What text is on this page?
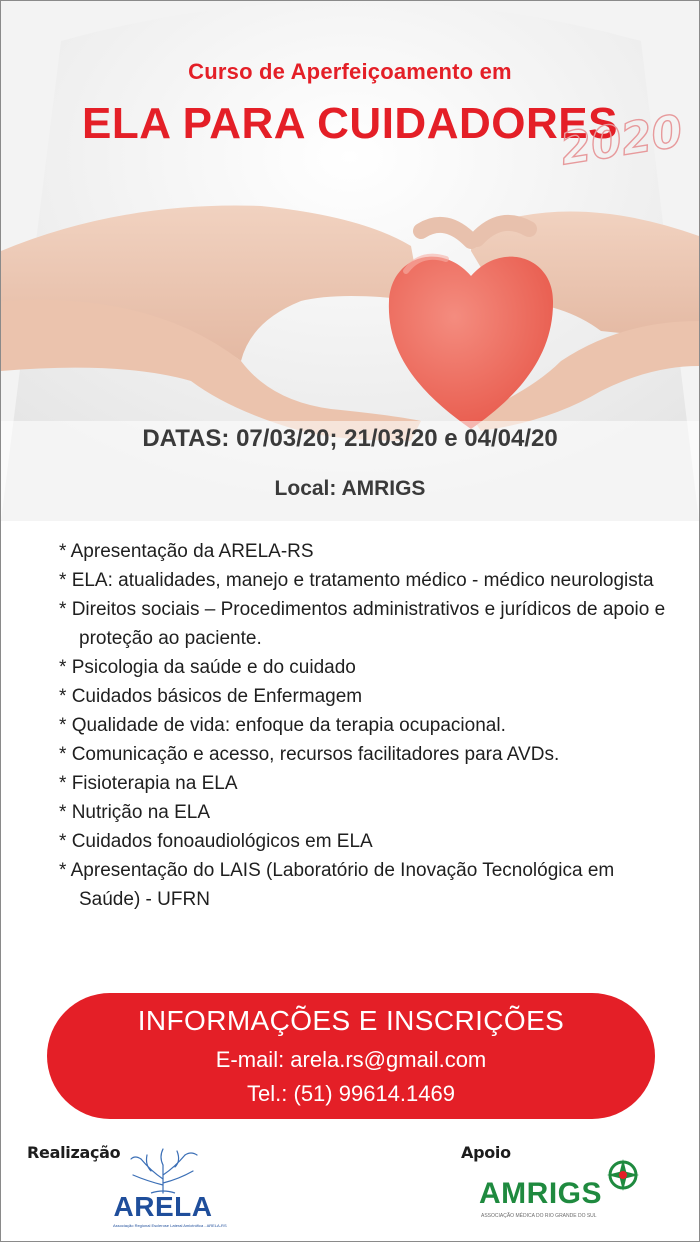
Curso de Aperfeiçoamento em
ELA PARA CUIDADORES
2020
DATAS: 07/03/20; 21/03/20 e 04/04/20
Local: AMRIGS
* Apresentação da ARELA-RS
* ELA: atualidades, manejo e tratamento médico - médico neurologista
* Direitos sociais – Procedimentos administrativos e jurídicos de apoio e proteção ao paciente.
* Psicologia da saúde e do cuidado
* Cuidados básicos de Enfermagem
* Qualidade de vida: enfoque da terapia ocupacional.
* Comunicação e acesso, recursos facilitadores para AVDs.
* Fisioterapia na ELA
* Nutrição na ELA
* Cuidados fonoaudiológicos em ELA
* Apresentação do LAIS (Laboratório de Inovação Tecnológica em Saúde) - UFRN
INFORMAÇÕES E INSCRIÇÕES
E-mail: arela.rs@gmail.com
Tel.: (51) 99614.1469
Realização	Apoio
ARELA
Associação Regional Esclerose Lateral Amiotrófica - ARELA-RS
AMRIGS
ASSOCIAÇÃO MÉDICA DO RIO GRANDE DO SUL
